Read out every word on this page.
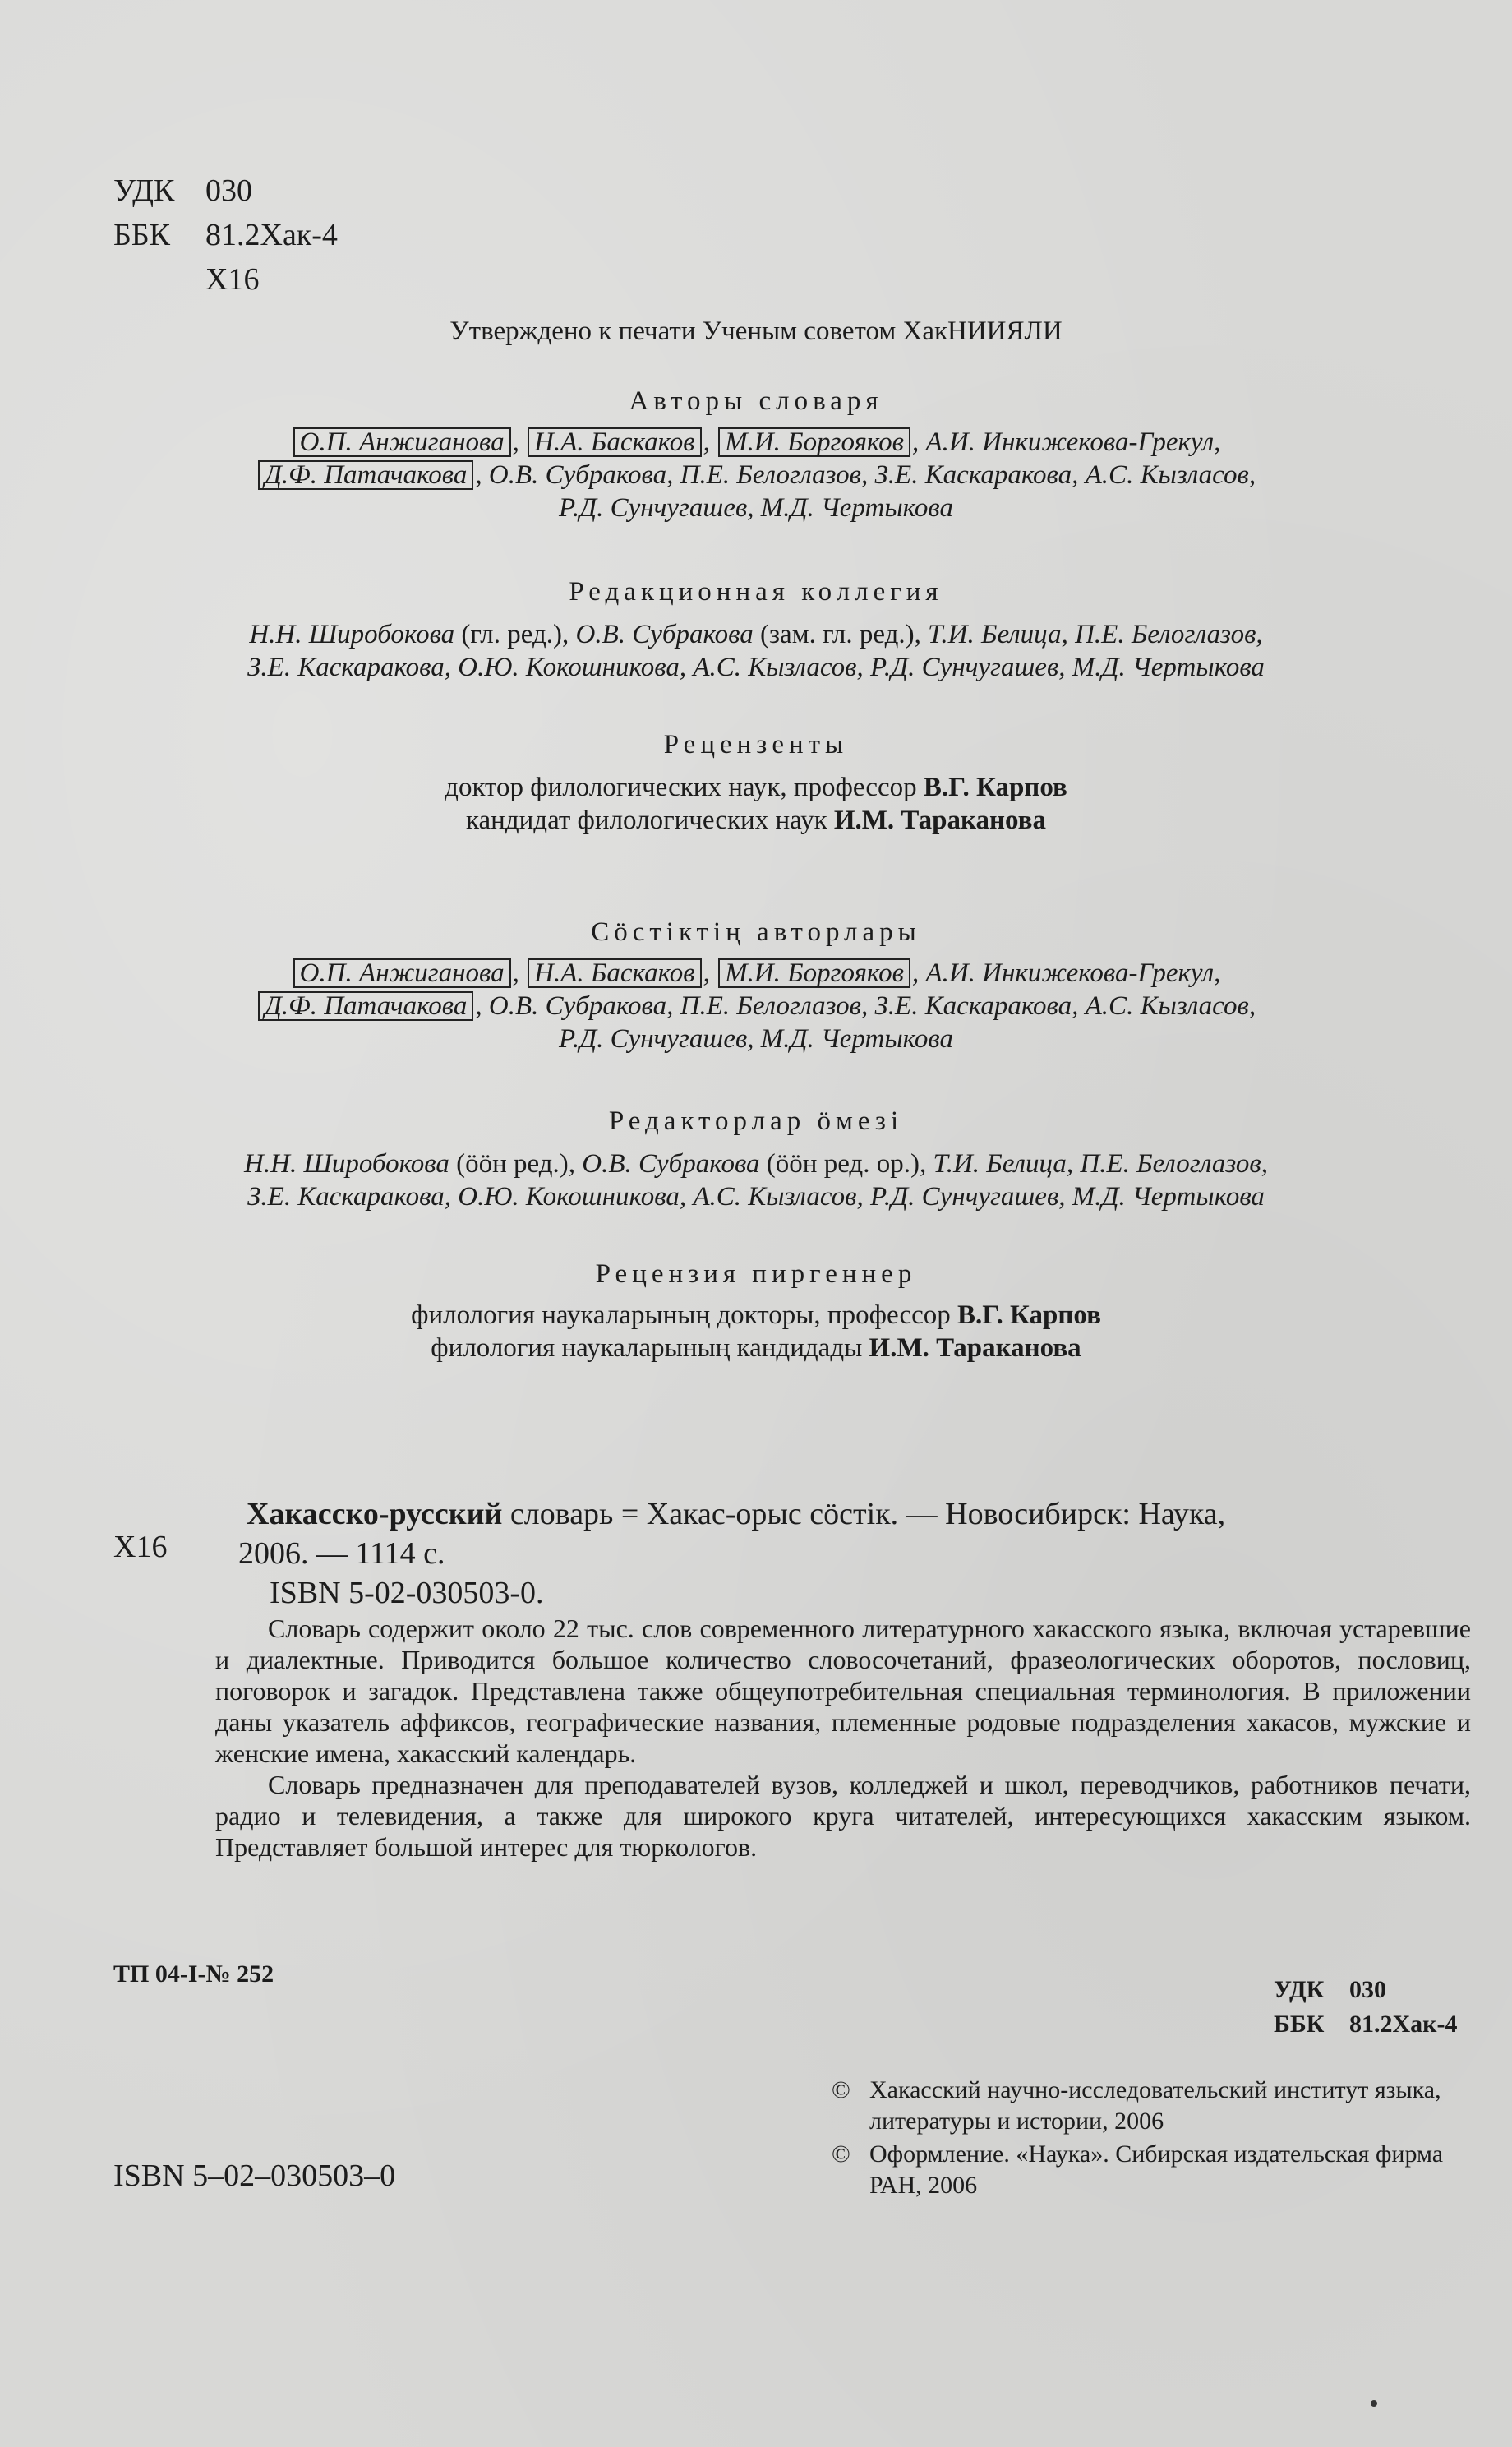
УДК 030
ББК 81.2Хак-4
Х16
Утверждено к печати Ученым советом ХакНИИЯЛИ
Авторы словаря
О.П. Анжиганова , Н.А. Баскаков , М.И. Боргояков , А.И. Инкижекова-Грекул,
Д.Ф. Патачакова , О.В. Субракова, П.Е. Белоглазов, З.Е. Каскаракова, А.С. Кызласов,
Р.Д. Сунчугашев, М.Д. Чертыкова
Редакционная коллегия
Н.Н. Широбокова (гл. ред.), О.В. Субракова (зам. гл. ред.), Т.И. Белица, П.Е. Белоглазов,
З.Е. Каскаракова, О.Ю. Кокошникова, А.С. Кызласов, Р.Д. Сунчугашев, М.Д. Чертыкова
Рецензенты
доктор филологических наук, профессор В.Г. Карпов
кандидат филологических наук И.М. Тараканова
Сӧстiктiң авторлары
О.П. Анжиганова , Н.А. Баскаков , М.И. Боргояков , А.И. Инкижекова-Грекул,
Д.Ф. Патачакова , О.В. Субракова, П.Е. Белоглазов, З.Е. Каскаракова, А.С. Кызласов,
Р.Д. Сунчугашев, М.Д. Чертыкова
Редакторлар ӧмезi
Н.Н. Широбокова (ӧӧн ред.), О.В. Субракова (ӧӧн ред. ор.), Т.И. Белица, П.Е. Белоглазов,
З.Е. Каскаракова, О.Ю. Кокошникова, А.С. Кызласов, Р.Д. Сунчугашев, М.Д. Чертыкова
Рецензия пиргеннер
филология наукаларының докторы, профессор В.Г. Карпов
филология наукаларының кандидады И.М. Тараканова
Х16
Хакасско-русский словарь = Хакас-орыс сӧстiк. — Новосибирск: Наука,
2006. — 1114 с.
ISBN 5-02-030503-0.

Словарь содержит около 22 тыс. слов современного литературного хакасского языка, включая устаревшие и диалектные. Приводится большое количество словосочетаний, фразеологических оборотов, пословиц, поговорок и загадок. Представлена также общеупотребительная специальная терминология. В приложении даны указатель аффиксов, географические названия, племенные родовые подразделения хакасов, мужские и женские имена, хакасский календарь.

Словарь предназначен для преподавателей вузов, колледжей и школ, переводчиков, работников печати, радио и телевидения, а также для широкого круга читателей, интересующихся хакасским языком. Представляет большой интерес для тюркологов.

ТП 04-I-№ 252
УДК 030
ББК 81.2Хак-4
© Хакасский научно-исследовательский институт языка, литературы и истории, 2006
© Оформление. «Наука». Сибирская издательская фирма РАН, 2006
ISBN 5–02–030503–0
